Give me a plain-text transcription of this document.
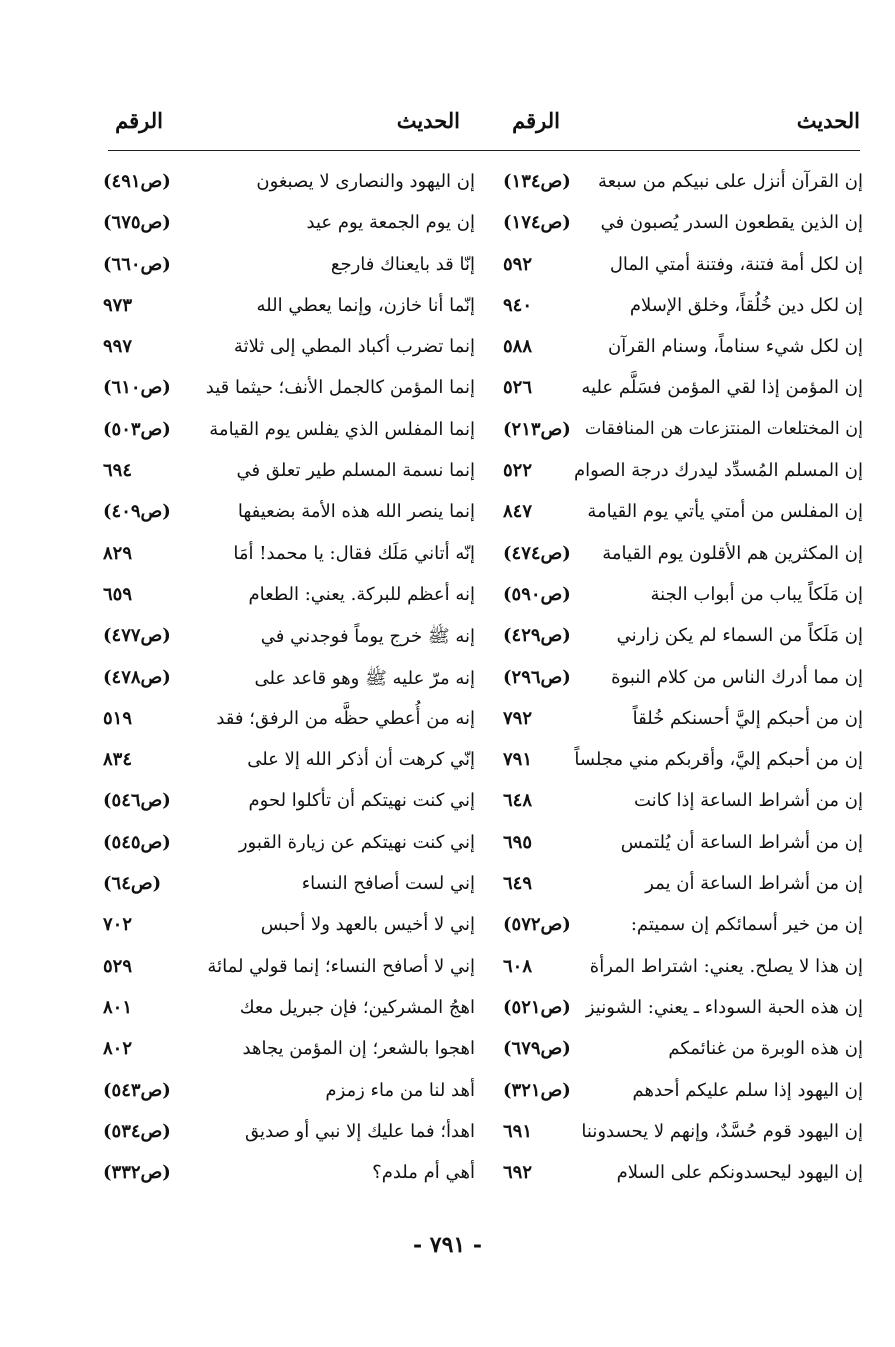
الحديث
الرقم
الحديث
الرقم
إن القرآن أنزل على نبيكم من سبعة
(ص١٣٤)
إن الذين يقطعون السدر يُصبون في
(ص١٧٤)
إن لكل أمة فتنة، وفتنة أمتي المال
٥٩٢
إن لكل دين خُلُقاً، وخلق الإسلام
٩٤٠
إن لكل شيء سناماً، وسنام القرآن
٥٨٨
إن المؤمن إذا لقي المؤمن فسَلَّم عليه
٥٢٦
إن المختلعات المنتزعات هن المنافقات
(ص٢١٣)
إن المسلم المُسدِّد ليدرك درجة الصوام
٥٢٢
إن المفلس من أمتي يأتي يوم القيامة
٨٤٧
إن المكثرين هم الأقلون يوم القيامة
(ص٤٧٤)
إن مَلَكاً يباب من أبواب الجنة
(ص٥٩٠)
إن مَلَكاً من السماء لم يكن زارني
(ص٤٢٩)
إن مما أدرك الناس من كلام النبوة
(ص٢٩٦)
إن من أحبكم إليَّ أحسنكم خُلقاً
٧٩٢
إن من أحبكم إليَّ، وأقربكم مني مجلساً
٧٩١
إن من أشراط الساعة إذا كانت
٦٤٨
إن من أشراط الساعة أن يُلتمس
٦٩٥
إن من أشراط الساعة أن يمر
٦٤٩
إن من خير أسمائكم إن سميتم:
(ص٥٧٢)
إن هذا لا يصلح. يعني: اشتراط المرأة
٦٠٨
إن هذه الحبة السوداء ـ يعني: الشونيز
(ص٥٢١)
إن هذه الوبرة من غنائمكم
(ص٦٧٩)
إن اليهود إذا سلم عليكم أحدهم
(ص٣٢١)
إن اليهود قوم حُسَّدٌ، وإنهم لا يحسدوننا
٦٩١
إن اليهود ليحسدونكم على السلام
٦٩٢
إن اليهود والنصارى لا يصبغون
(ص٤٩١)
إن يوم الجمعة يوم عيد
(ص٦٧٥)
إنّا قد بايعناك فارجع
(ص٦٦٠)
إنّما أنا خازن، وإنما يعطي الله
٩٧٣
إنما تضرب أكباد المطي إلى ثلاثة
٩٩٧
إنما المؤمن كالجمل الأنف؛ حيثما قيد
(ص٦١٠)
إنما المفلس الذي يفلس يوم القيامة
(ص٥٠٣)
إنما نسمة المسلم طير تعلق في
٦٩٤
إنما ينصر الله هذه الأمة بضعيفها
(ص٤٠٩)
إنّه أتاني مَلَك فقال: يا محمد! أمَا
٨٢٩
إنه أعظم للبركة. يعني: الطعام
٦٥٩
إنه ﷺ خرج يوماً فوجدني في
(ص٤٧٧)
إنه مرّ عليه ﷺ وهو قاعد على
(ص٤٧٨)
إنه من أُعطي حظَّه من الرفق؛ فقد
٥١٩
إنّي كرهت أن أذكر الله إلا على
٨٣٤
إني كنت نهيتكم أن تأكلوا لحوم
(ص٥٤٦)
إني كنت نهيتكم عن زيارة القبور
(ص٥٤٥)
إني لست أصافح النساء
(ص٦٤)
إني لا أخيس بالعهد ولا أحبس
٧٠٢
إني لا أصافح النساء؛ إنما قولي لمائة
٥٢٩
اهجُ المشركين؛ فإن جبريل معك
٨٠١
اهجوا بالشعر؛ إن المؤمن يجاهد
٨٠٢
أهد لنا من ماء زمزم
(ص٥٤٣)
اهدأ؛ فما عليك إلا نبي أو صديق
(ص٥٣٤)
أهي أم ملدم؟
(ص٣٣٢)
- ٧٩١ -
